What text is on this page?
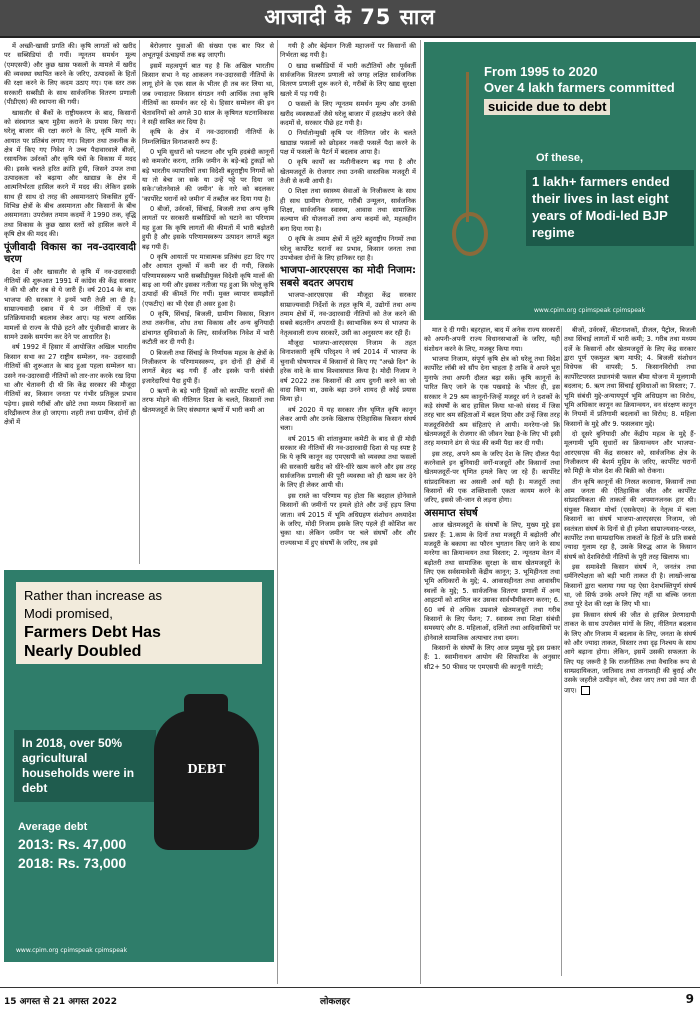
आजादी के 75 साल

में अच्छी-खासी प्रगति की। कृषि लागतों को खरीद पर सब्सिडियां दी गयीं। न्यूनतम समर्थन मूल्य (एमएसपी) और कुछ खास फसलों के मामले में खरीद की व्यवस्था स्थापित करने के जरिए, उत्पादकों के हितों की रक्षा करने के लिए कदम उठाए गए। एक स्तर तक सरकारी सब्सीडी के साथ सार्वजनिक वितरण प्रणाली (पीडीएस) की स्थापना की गयी।

खासतौर से बैंकों के राष्ट्रीयकरण के बाद, किसानों को संस्थागत ऋण मुहैया कराने के प्रयास किए गए। घरेलू बाजार की रक्षा करने के लिए, कृषि मालों के आयात पर प्रतिबंध लगाए गए। विज्ञान तथा तकनीक के क्षेत्र में किए गए निवेश ने उच्च पैदावारवाले बीजों, रसायनिक उर्वरकों और कृषि यंत्रों के विकास में मदद की। इसके चलते हरित क्रांति हुयी, जिसने उपज तथा उत्पादकता को बढ़ाया और खाद्यान्न के क्षेत्र में आत्मनिर्भरता हासिल करने में मदद की। लेकिन इसके साथ ही साथ दो तरह की असमानताएं विकसित हुयीं-विभिन्न क्षेत्रों के बीच असमानता और किसानों के बीच असमानता। उपरोक्त तमाम कदमों ने 1990 तक, वृद्धि तथा विकास के कुछ खास स्तरों को हासिल करने में कृषि क्षेत्र की मदद की।

पूंजीवादी विकास का नव-उदारवादी चरण

देश में और खासतौर से कृषि में नव-उदारवादी नीतियों की शुरूआत 1991 में कांग्रेस की केंद्र सरकार ने की थी और तब से ये जारी हैं। वर्ष 2014 के बाद, भाजपा की सरकार ने इनमें भारी तेजी ला दी है। साम्राज्यवादी दबाव में ये उन नीतियों में एक प्रतिक्रियावादी बदलाव लेकर आए। यह चरण आर्थिक मामलों से राज्य के पीछे हटने और पूंजीवादी बाजार के सामने उसके समर्पण कर देने पर आधारित है।

वर्ष 1992 में हिसार में आयोजित अखिल भारतीय किसान सभा का 27 राष्ट्रीय सम्मेलन, नव- उदारवादी नीतियों की शुरूआत के बाद हुआ पहला सम्मेलन था। उसने नव-उदारवादी नीतियों को तार-तार करके रख दिया था और चेतावनी दी थी कि केंद्र सरकार की मौजूदा नीतियों का, किसान जनता पर गंभीर प्रतिकूल प्रभाव पड़ेगा। इससे गरीबों और छोटे तथा मध्यम किसानों का दरिद्रीकरण तेज हो जाएगा। शहरी तथा ग्रामीण, दोनों ही क्षेत्रों में

बेरोजगार युवाओं की संख्या एक बार फिर से अभूतपूर्व ऊंचाइयों तक बढ़ जाएगी।

इसमें महत्वपूर्ण बात यह है कि अखिल भारतीय किसान सभा ने यह आकलन नव-उदारवादी नीतियों के लागू होने के एक साल के भीतर ही तब कर लिया था, जब ज्यादातर किसान संगठन नयी आर्थिक तथा कृषि नीतियों का समर्थन कर रहे थे। हिसार सम्मेलन की इन चेतावनियों को अगले 30 साल के कृषिगत घटनाविकास ने सही साबित कर दिया है।

कृषि के क्षेत्र में नव-उदारवादी नीतियों के निम्नलिखित विनाशकारी रूप हैं:

0 भूमि सुधारों को पलटना और भूमि हदबंदी कानूनों को कमजोर करना, ताकि जमीन के बड़े-बड़े टुकड़ों को बड़े भारतीय व्यापारियों तथा विदेशी बहुराष्ट्रीय निगमों को या तो बेचा जा सके या उन्हें पट्टे पर दिया जा सके।'जोतनेवाले की जमीन' के नारे को बदलकर 'कार्पोरेट घरानों को जमीन' में तब्दील कर दिया गया है।

0 बीजों, उर्वरकों, सिंचाई, बिजली तथा अन्य कृषि लागतों पर सरकारी सब्सीडियों को घटाने का परिणाम यह हुआ कि कृषि लागतों की कीमतों में भारी बढ़ोतरी हुयी है और इसके परिणामस्वरूप उत्पादन लागतें बहुत बढ़ गयी हैं।

0 कृषि आयातों पर मात्रात्मक प्रतिबंध हटा दिए गए और आयात शुल्कों में कमी कर दी गयी, जिसके परिणामस्वरूप भारी सब्सीडीयुक्त विदेशी कृषि मालों की बाढ़ आ गयी और इसका नतीजा यह हुआ कि घरेलू कृषि उत्पादों की कीमतें गिर गयीं। मुक्त व्यापार समझौतों (एफटीए) का भी ऐसा ही असर हुआ है।

0 कृषि, सिंचाई, बिजली, ग्रामीण विकास, विज्ञान तथा तकनीक, शोध तथा विकास और अन्य बुनियादी ढांचागत सुविधाओं के लिए, सार्वजनिक निवेश में भारी कटौती कर दी गयी है।

0 बिजली तथा सिंचाई के निर्णायक महत्व के क्षेत्रों के निजीकरण के परिणामस्वरूप, इन दोनों ही क्षेत्रों में लागतें बेहद बढ़ गयी हैं और इसके पानी संबंधी इजारेदारियां पैदा हुयी हैं।

0 ऋणों के बड़े भारी हिस्सों को कार्पोरेट घरानों की तरफ मोड़ने की नीतिगत दिशा के चलते, किसानों तथा खेतमजदूरों के लिए संस्थागत ऋणों में भारी कमी आ

Rather than increase as
Modi promised,
Farmers Debt Has
Nearly Doubled
In 2018, over 50% agricultural households were in debt
DEBT
Average debt
2013: Rs. 47,000
2018: Rs. 73,000
www.cpim.org cpimspeak cpimspeak

गयी है और बेईमान निजी महाजनों पर किसानों की निर्भरता बढ़ गयी है।

0 खाद्य सब्सीडियों में भारी कटौतियों और पूर्ववर्ती सार्वजनिक वितरण प्रणाली को जगह लक्षित सार्वजनिक वितरण प्रणाली शुरू करने से, गरीबों के लिए खाद्य सुरक्षा खतरे में पड़ गयी है।

0 फसलों के लिए न्यूनतम समर्थन मूल्य और उनकी खरीद व्यवस्थाओं जैसे घरेलू बाजार में हस्तक्षेप करने जैसे कदमों से, सरकार पीछे हट गयी है।

0 निर्यातोन्मुखी कृषि पर नीतिगत जोर के चलते खाद्यान्न फसलों को छोड़कर नकदी फसलें पैदा करने के पक्ष में फसलों के पैटर्न में बदलाव आया है।

0 कृषि कार्यों का मशीनीकरण बढ़ गया है और खेतमजदूरों के रोजगार तथा उनकी वास्तविक मजदूरी में तेजी से कमी आयी है।

0 शिक्षा तथा स्वास्थ्य सेवाओं के निजीकरण के साथ ही साथ ग्रामीण रोजगार, गरीबी उन्मूलन, सार्वजनिक शिक्षा, सार्वजनिक स्वास्थ्य, आवास तथा सामाजिक कल्याण की योजनाओं तथा अन्य कदमों को, महत्वहीन बना दिया गया है।

0 कृषि के तमाम क्षेत्रों में लुटेरे बहुराष्ट्रीय निगमों तथा घरेलू कार्पोरेट घरानों का प्रभाव, किसान जनता तथा उपभोक्ता दोनों के लिए हानिकर रहा है।

भाजपा-आरएसएस का मोदी निजाम: सबसे बदतर अपराध

भाजपा-आरएसएस की मौजूदा केंद्र सरकार साम्राज्यवादी निर्देशों के तहत कृषि में, उद्योगों तथा अन्य तमाम क्षेत्रों में, नव-उदारवादी नीतियों को तेज करने की सबसे बदतरीन अपराधी है। स्वाभाविक रूप से भाजपा के नेतृत्ववाली राज्य सरकारें, उसी का अनुसरण कर रही हैं।

मौजूदा भाजपा-आरएसएस निजाम के तहत विनाशकारी कृषि परिदृश्य ने वर्ष 2014 में भाजपा के चुनावी घोषणापत्र में किसानों से किए गए "अच्छे दिन" के हरेक वादे के साथ विश्वासघात किया है। मोदी निजाम ने वर्ष 2022 तक किसानों की आय दुगनी करने का जो वादा किया था, उसके बढ़ा उनने शायद ही कोई प्रयास किया हो।

वर्ष 2020 में यह सरकार तीन घृणित कृषि कानून लेकर आयी और उनके खिलाफ ऐतिहासिक किसान संघर्ष चला।

वर्ष 2015 की शांताकुमार कमेटी के बाद से ही मोदी सरकार की नीतियों की नव-उदारवादी दिशा से यह स्पष्ट है कि ये कृषि कानून वह एमएसपी को व्यवस्था तथा फसलों की सरकारी खरीद को धीरे-धीरे खत्म करने और इस तरह सार्वजनिक प्रणाली की पूरी व्यवस्था को ही खत्म कर देने के लिए ही लेकर आयी थी।

इस रास्ते का परिणाम यह होता कि बदहाल होनेवाले किसानों की जमीनों पर हमले होते और उन्हें हड़प लिया जाता। वर्ष 2015 में भूमि अधिग्रहण संशोधन अध्यादेश के जरिए, मोदी निजाम इसके लिए पहले ही कोशिश कर चुका था। लेकिन जमीन पर चले संघर्षों और और राज्यसभा में हुए संघर्षों के जरिए, तब इसे

From 1995 to 2020
Over 4 lakh farmers committed
suicide due to debt
Of these,
1 lakh+ farmers ended their lives in last eight years of Modi-led BJP regime
www.cpim.org cpimspeak cpimspeak

मात दे दी गयी। बहरहाल, बाद में अनेक राज्य सरकारों को अपनी-अपनी राज्य विधानसभाओं के जरिए, यही संशोधन करने के लिए, मजबूर किया गया।

भाजपा निजाम, संपूर्ण कृषि क्षेत्र को घरेलू तथा विदेश कार्पोरेट लॉबी को सौंप देना चाहता है ताकि वे अपने भूरा मुनाफे तथा अपनी दौलत बढ़ा सकें। कृषि कानूनों के पारित किए जाने के एक पखवाड़े के भीतर ही, इस सरकार ने 29 श्रम कानूनों-जिन्हें मजदूर वर्ग ने दशकों के कड़े संघर्षों के बाद हासिल किया था-को संसद में जिस तरह चार श्रम संहिताओं में बदल दिया और उन्हें जिस तरह मजदूरविरोधी श्रम संहिताएं ले आयी। मनरेगा-जो कि खेतमजदूरों के रोजगार की जीवन रेखा है-के लिए भी इसी तरह मनमाने ढंग से फंड की कमी पैदा कर दी गयी।

इस तरह, अपने श्रम के जरिए देश के लिए दौलत पैदा करनेवाले इन बुनियादी वर्गों-मजदूरों और किसानों तथा खेतमजदूरों-पर घृणित हमले किए जा रहे हैं। कार्पोरेट सांप्रदायिकता का असली अर्थ यही है। मजदूरों तथा किसानों की एक शक्तिशाली एकता कायम करने के जरिए, इससे जी-जान से लड़ना होगा।

असमाप्त संघर्ष

आज खेतमजदूरों के संघर्षों के लिए, मुख्य मुद्दे इस प्रकार हैं: 1.काम के दिनों तथा मजदूरी में बढ़ोतरी और मजदूरी के बकाया का फौरन भुगतान किए जाने के साथ मनरेगा का क्रियान्वयन तथा विस्तार; 2. न्यूनतम वेतन में बढ़ोतरी तथा सामाजिक सुरक्षा के साथ खेतमजदूरों के लिए एक सर्वसमावेशी केंद्रीय कानून; 3. भूमिहीनता तथा भूमि अधिकारों के मुद्दे; 4. आवासहीनता तथा आवासीय स्थलों के मुद्दे; 5. सार्वजनिक वितरण प्रणाली में अन्य आइटमों को शामिल कर उसका सार्वभौमीकरण करना; 6. 60 वर्ष से अधिक उम्रवाले खेतमजदूरों तथा गरीब किसानों के लिए पेंशन; 7. स्वास्थ्य तथा शिक्षा संबंधी समस्याएं और 8. महिलाओं, दलितों तथा आदिवासियों पर होनेवाले सामाजिक अत्याचार तथा दमन।

किसानों के संघर्षों के लिए आज प्रमुख मुद्दे इस प्रकार हैं: 1. स्वामीनाथन आयोग की सिफारिश के अनुसार सी2+ 50 फीसद पर एमएसपी की कानूनी गारंटी;

बीजों, उर्वरकों, कीटनाशकों, डीजल, पैट्रोल, बिजली तथा सिंचाई लागतों में भारी कमी; 3. गरीब तथा मध्यम दर्जे के किसानों और खेतमजदूरों के लिए केंद्र सरकार द्वारा पूर्ण एकमुश्त ऋण माफी; 4. बिजली संशोधन विधेयक की वापसी; 5. किसानविरोधी तथा कार्पोरेटपरस्त प्रधानमंत्री फसल बीमा योजना में मूलगामी बदलाव; 6. ऋण तथा सिंचाई सुविधाओं का विस्तार; 7. भूमि संबंधी मुद्दे-अन्यायपूर्ण भूमि अधिग्रहण का विरोध, भूमि अधिकार कानून का क्रियान्वयन, वन संरक्षण कानून के नियमों में प्रतिगामी बदलावों का विरोध; 8. महिला किसानों के मुद्दे और 9. फसलवार मुद्दे।

दो दूसरे बुनियादी और केंद्रीय महत्व के मुद्दे हैं-मूलगामी भूमि सुधारों का क्रियान्वयन और भाजपा-आरएसएस की केंद्र सरकार को, सार्वजनिक क्षेत्र के निजीकरण की बेशर्म मुहिम के जरिए, कार्पोरेट घरानों को मिट्टी के मोल देश की बिक्री को रोकना।

तीन कृषि कानूनों की निरस्त करवाना, किसानों तथा आम जनता की ऐतिहासिक जीत और कार्पोरेट सांप्रदायिकता की ताकतों की अपमानजनक हार थी। संयुक्त किसान मोर्चा (एसकेएम) के नेतृत्व में चला किसानों का संघर्ष भाजपा-आरएसएस निजाम, जो स्वतंत्रता संघर्ष के दिनों से ही हमेशा साम्राज्यवाद-परस्त, कार्पोरेट तथा साम्प्रदायिक ताकतों के हितों के प्रति सबसे ज्यादा गुलाम रहा है, उसके विरुद्ध आज के किसान संघर्ष को देशविरोधी नीतियों के पूरी तरह खिलाफ था।

इस समावेशी किसान संघर्ष ने, जनतंत्र तथा धर्मनिरपेक्षता को बड़ी भारी ताकत दी है। लाखों-लाख किसानों द्वारा चलाया गया यह ऐसा देशभक्तिपूर्ण संघर्ष था, जो सिर्फ उनके अपने लिए नहीं था बल्कि जनता तथा पूरे देश की रक्षा के लिए भी था।

इस किसान संघर्ष की जीत से हासिल प्रेरणादायी ताकत के साथ उपरोक्त मांगों के लिए, नीतिगत बदलाव के लिए और निजाम में बदलाव के लिए, जनता के संघर्ष को और ज्यादा ताकत, विस्तार तथा दृढ़ निश्चय के साथ आगे बढ़ाना होगा। लेकिन, इसमें उसकी सफलता के लिए यह जरूरी है कि राजनीतिक तथा वैचारिक रूप से साम्प्रदायिकता, जातिवाद तथा तानाशाही की बुराई और उसके जहरीले उत्पीड़न को, रोका जाए तथा उसे मात दी जाए।

15 अगस्त से 21 अगस्त 2022	लोकलहर	9
